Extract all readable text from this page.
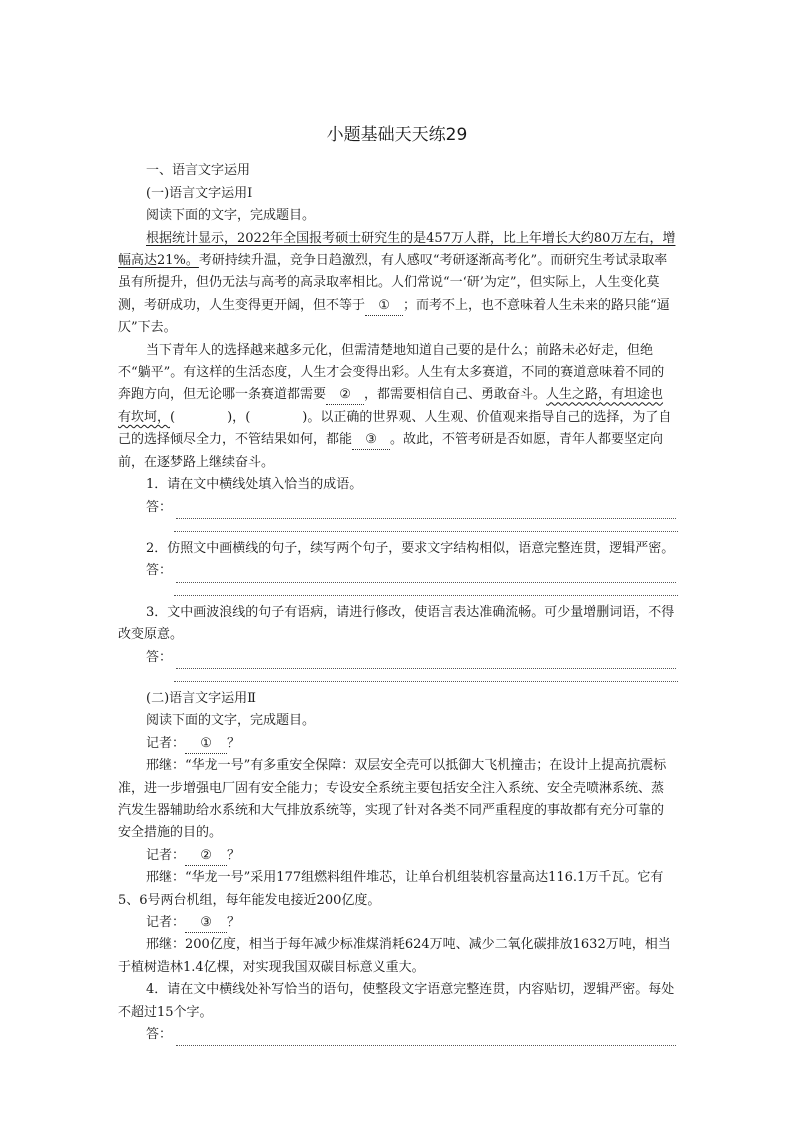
小题基础天天练29

一、语言文字运用

(一)语言文字运用Ⅰ

阅读下面的文字，完成题目。

根据统计显示，2022年全国报考硕士研究生的是457万人群，比上年增长大约80万左右，增幅高达21%。考研持续升温，竞争日趋激烈，有人感叹“考研逐渐高考化”。而研究生考试录取率虽有所提升，但仍无法与高考的高录取率相比。人们常说“一‘研’为定”，但实际上，人生变化莫测，考研成功，人生变得更开阔，但不等于 ① ；而考不上，也不意味着人生未来的路只能“逼仄”下去。

当下青年人的选择越来越多元化，但需清楚地知道自己要的是什么；前路未必好走，但绝不“躺平”。有这样的生活态度，人生才会变得出彩。人生有太多赛道，不同的赛道意味着不同的奔跑方向，但无论哪一条赛道都需要 ② ，都需要相信自己、勇敢奋斗。人生之路，有坦途也有坎坷，(　　　　)，(　　　　)。以正确的世界观、人生观、价值观来指导自己的选择，为了自己的选择倾尽全力，不管结果如何，都能 ③ 。故此，不管考研是否如愿，青年人都要坚定向前，在逐梦路上继续奋斗。

1．请在文中横线处填入恰当的成语。

答：

2．仿照文中画横线的句子，续写两个句子，要求文字结构相似，语意完整连贯，逻辑严密。

答：

3．文中画波浪线的句子有语病，请进行修改，使语言表达准确流畅。可少量增删词语，不得改变原意。

答：

(二)语言文字运用Ⅱ

阅读下面的文字，完成题目。

记者： ① ？

邢继：“华龙一号”有多重安全保障：双层安全壳可以抵御大飞机撞击；在设计上提高抗震标准，进一步增强电厂固有安全能力；专设安全系统主要包括安全注入系统、安全壳喷淋系统、蒸汽发生器辅助给水系统和大气排放系统等，实现了针对各类不同严重程度的事故都有充分可靠的安全措施的目的。

记者： ② ？

邢继：“华龙一号”采用177组燃料组件堆芯，让单台机组装机容量高达116.1万千瓦。它有5、6号两台机组，每年能发电接近200亿度。

记者： ③ ？

邢继：200亿度，相当于每年减少标准煤消耗624万吨、减少二氧化碳排放1632万吨，相当于植树造林1.4亿棵，对实现我国双碳目标意义重大。

4．请在文中横线处补写恰当的语句，使整段文字语意完整连贯，内容贴切，逻辑严密。每处不超过15个字。

答：
